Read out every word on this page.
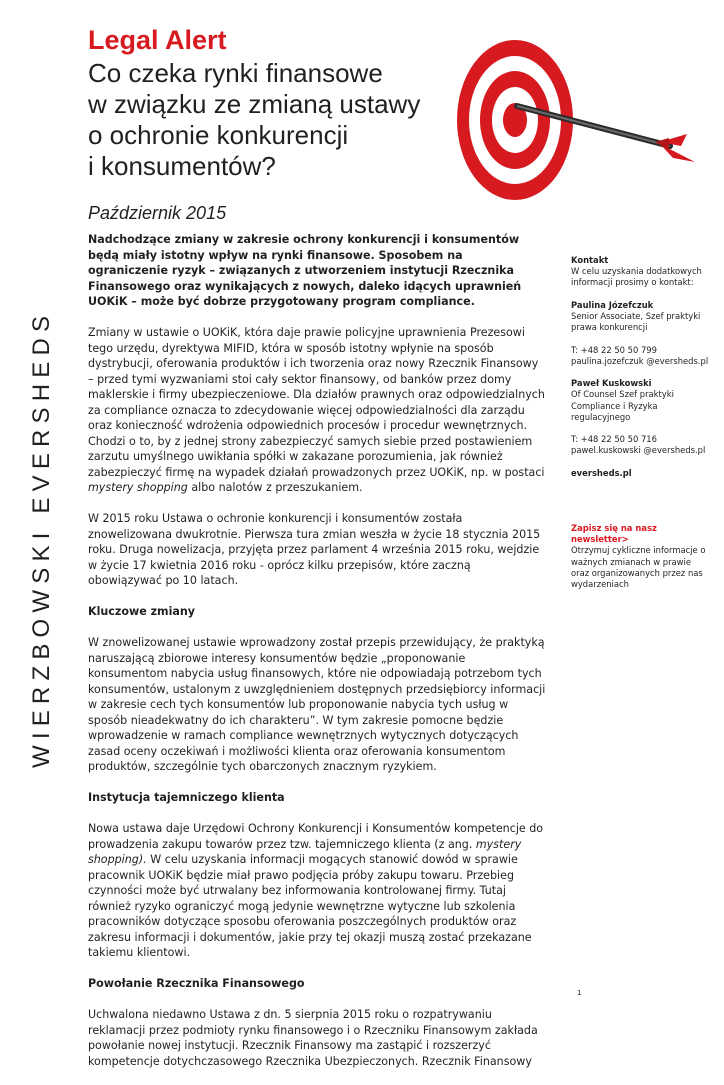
WIERZBOWSKI EVERSHEDS
Legal Alert
Co czeka rynki finansowe
w związku ze zmianą ustawy
o ochronie konkurencji
i konsumentów?
Październik 2015

Nadchodzące zmiany w zakresie ochrony konkurencji i konsumentów będą miały istotny wpływ na rynki finansowe. Sposobem na ograniczenie ryzyk – związanych z utworzeniem instytucji Rzecznika Finansowego oraz wynikających z nowych, daleko idących uprawnień UOKiK – może być dobrze przygotowany program compliance.

Zmiany w ustawie o UOKiK, która daje prawie policyjne uprawnienia Prezesowi tego urzędu, dyrektywa MIFID, która w sposób istotny wpłynie na sposób dystrybucji, oferowania produktów i ich tworzenia oraz nowy Rzecznik Finansowy – przed tymi wyzwaniami stoi cały sektor finansowy, od banków przez domy maklerskie i firmy ubezpieczeniowe. Dla działów prawnych oraz odpowiedzialnych za compliance oznacza to zdecydowanie więcej odpowiedzialności dla zarządu oraz konieczność wdrożenia odpowiednich procesów i procedur wewnętrznych. Chodzi o to, by z jednej strony zabezpieczyć samych siebie przed postawieniem zarzutu umyślnego uwikłania spółki w zakazane porozumienia, jak również zabezpieczyć firmę na wypadek działań prowadzonych przez UOKiK, np. w postaci mystery shopping albo nalotów z przeszukaniem.

W 2015 roku Ustawa o ochronie konkurencji i konsumentów została znowelizowana dwukrotnie. Pierwsza tura zmian weszła w życie 18 stycznia 2015 roku. Druga nowelizacja, przyjęta przez parlament 4 września 2015 roku, wejdzie w życie 17 kwietnia 2016 roku - oprócz kilku przepisów, które zaczną obowiązywać po 10 latach.

Kluczowe zmiany

W znowelizowanej ustawie wprowadzony został przepis przewidujący, że praktyką naruszającą zbiorowe interesy konsumentów będzie „proponowanie konsumentom nabycia usług finansowych, które nie odpowiadają potrzebom tych konsumentów, ustalonym z uwzględnieniem dostępnych przedsiębiorcy informacji w zakresie cech tych konsumentów lub proponowanie nabycia tych usług w sposób nieadekwatny do ich charakteru”. W tym zakresie pomocne będzie wprowadzenie w ramach compliance wewnętrznych wytycznych dotyczących zasad oceny oczekiwań i możliwości klienta oraz oferowania konsumentom produktów, szczególnie tych obarczonych znacznym ryzykiem.

Instytucja tajemniczego klienta

Nowa ustawa daje Urzędowi Ochrony Konkurencji i Konsumentów kompetencje do prowadzenia zakupu towarów przez tzw. tajemniczego klienta (z ang. mystery shopping). W celu uzyskania informacji mogących stanowić dowód w sprawie pracownik UOKiK będzie miał prawo podjęcia próby zakupu towaru. Przebieg czynności może być utrwalany bez informowania kontrolowanej firmy. Tutaj również ryzyko ograniczyć mogą jedynie wewnętrzne wytyczne lub szkolenia pracowników dotyczące sposobu oferowania poszczególnych produktów oraz zakresu informacji i dokumentów, jakie przy tej okazji muszą zostać przekazane takiemu klientowi.

Powołanie Rzecznika Finansowego

Uchwalona niedawno Ustawa z dn. 5 sierpnia 2015 roku o rozpatrywaniu reklamacji przez podmioty rynku finansowego i o Rzeczniku Finansowym zakłada powołanie nowej instytucji. Rzecznik Finansowy ma zastąpić i rozszerzyć kompetencje dotychczasowego Rzecznika Ubezpieczonych. Rzecznik Finansowy

Kontakt
W celu uzyskania dodatkowych informacji prosimy o kontakt:
Paulina Józefczuk
Senior Associate, Szef praktyki prawa konkurencji
T: +48 22 50 50 799
paulina.jozefczuk @eversheds.pl
Paweł Kuskowski
Of Counsel Szef praktyki Compliance i Ryzyka regulacyjnego
T: +48 22 50 50 716
pawel.kuskowski @eversheds.pl
eversheds.pl
Zapisz się na nasz newsletter>
Otrzymuj cykliczne informacje o ważnych zmianach w prawie oraz organizowanych przez nas wydarzeniach
1
